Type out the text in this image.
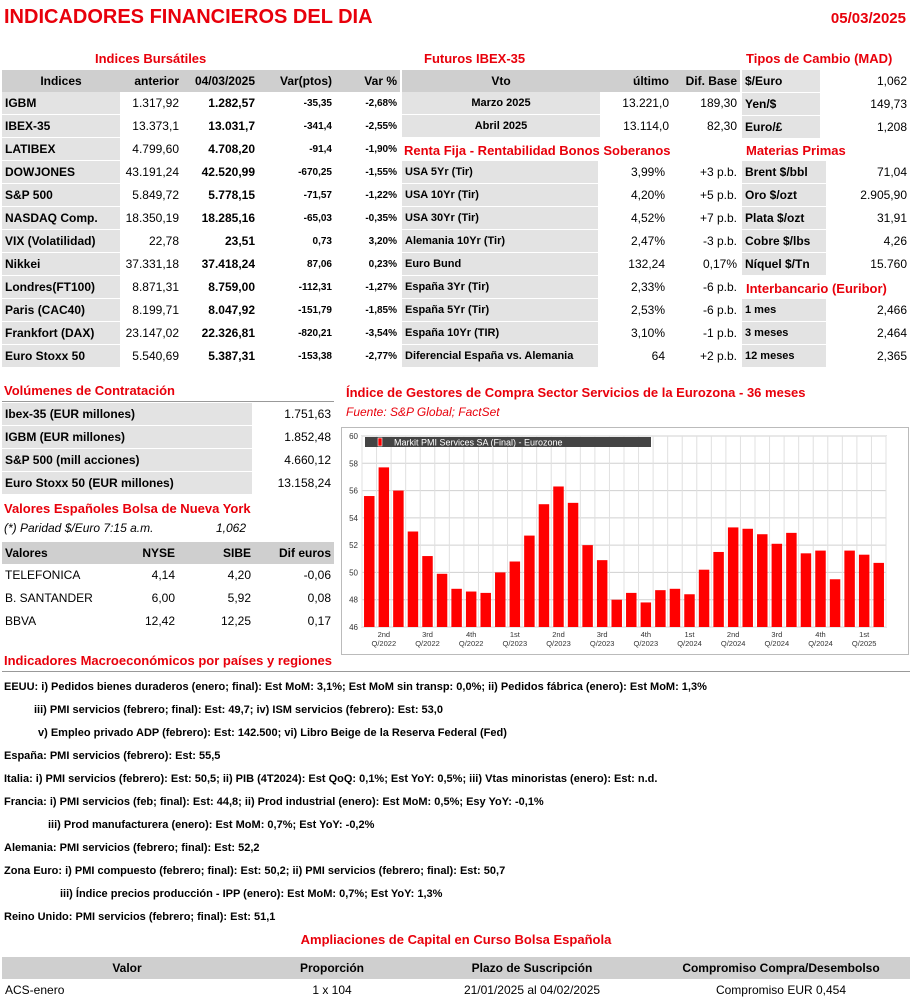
INDICADORES FINANCIEROS DEL DIA	05/03/2025
Indices Bursátiles	Futuros IBEX-35	Tipos de Cambio (MAD)
Indices	anterior	04/03/2025	Var(ptos)	Var %
IGBM	1.317,92	1.282,57	-35,35	-2,68%
IBEX-35	13.373,1	13.031,7	-341,4	-2,55%
LATIBEX	4.799,60	4.708,20	-91,4	-1,90%
DOWJONES	43.191,24	42.520,99	-670,25	-1,55%
S&P 500	5.849,72	5.778,15	-71,57	-1,22%
NASDAQ Comp.	18.350,19	18.285,16	-65,03	-0,35%
VIX (Volatilidad)	22,78	23,51	0,73	3,20%
Nikkei	37.331,18	37.418,24	87,06	0,23%
Londres(FT100)	8.871,31	8.759,00	-112,31	-1,27%
Paris (CAC40)	8.199,71	8.047,92	-151,79	-1,85%
Frankfort (DAX)	23.147,02	22.326,81	-820,21	-3,54%
Euro Stoxx 50	5.540,69	5.387,31	-153,38	-2,77%
Vto	último	Dif. Base
Marzo 2025	13.221,0	189,30
Abril 2025	13.114,0	82,30
Renta Fija - Rentabilidad Bonos Soberanos
USA 5Yr (Tir)	3,99%	+3 p.b.
USA 10Yr (Tir)	4,20%	+5 p.b.
USA 30Yr (Tir)	4,52%	+7 p.b.
Alemania 10Yr (Tir)	2,47%	-3 p.b.
Euro Bund	132,24	0,17%
España 3Yr (Tir)	2,33%	-6 p.b.
España 5Yr (Tir)	2,53%	-6 p.b.
España 10Yr (TIR)	3,10%	-1 p.b.
Diferencial España vs. Alemania	64	+2 p.b.
$/Euro	1,062
Yen/$	149,73
Euro/£	1,208
Materias Primas
Brent $/bbl	71,04
Oro $/ozt	2.905,90
Plata $/ozt	31,91
Cobre $/lbs	4,26
Níquel $/Tn	15.760
Interbancario (Euribor)
1 mes	2,466
3 meses	2,464
12 meses	2,365
Volúmenes de Contratación
Ibex-35 (EUR millones)	1.751,63
IGBM (EUR millones)	1.852,48
S&P 500 (mill acciones)	4.660,12
Euro Stoxx 50 (EUR millones)	13.158,24
Valores Españoles Bolsa de Nueva York
(*) Paridad $/Euro 7:15 a.m.	1,062
Valores	NYSE	SIBE	Dif euros
TELEFONICA	4,14	4,20	-0,06
B. SANTANDER	6,00	5,92	0,08
BBVA	12,42	12,25	0,17
Índice de Gestores de Compra Sector Servicios de la Eurozona - 36 meses
Fuente: S&P Global; FactSet
46
48
50
52
54
56
58
60
2nd
Q/2022
3rd
Q/2022
4th
Q/2022
1st
Q/2023
2nd
Q/2023
3rd
Q/2023
4th
Q/2023
1st
Q/2024
2nd
Q/2024
3rd
Q/2024
4th
Q/2024
1st
Q/2025
Markit PMI Services SA (Final) - Eurozone
Indicadores Macroeconómicos por países y regiones
EEUU: i) Pedidos bienes duraderos (enero; final): Est MoM: 3,1%; Est MoM sin transp: 0,0%; ii) Pedidos fábrica (enero): Est MoM: 1,3%
iii) PMI servicios (febrero; final): Est: 49,7; iv) ISM servicios (febrero): Est: 53,0
v) Empleo privado ADP (febrero): Est: 142.500; vi) Libro Beige de la Reserva Federal (Fed)
España: PMI servicios (febrero): Est: 55,5
Italia: i) PMI servicios (febrero): Est: 50,5; ii) PIB (4T2024): Est QoQ: 0,1%; Est YoY: 0,5%; iii) Vtas minoristas (enero): Est: n.d.
Francia: i) PMI servicios (feb; final): Est: 44,8; ii) Prod industrial (enero): Est MoM: 0,5%; Esy YoY: -0,1%
iii) Prod manufacturera (enero): Est MoM: 0,7%; Est YoY: -0,2%
Alemania: PMI servicios (febrero; final): Est: 52,2
Zona Euro: i) PMI compuesto (febrero; final): Est: 50,2; ii) PMI servicios (febrero; final): Est: 50,7
iii) Índice precios producción - IPP (enero): Est MoM: 0,7%; Est YoY: 1,3%
Reino Unido: PMI servicios (febrero; final): Est: 51,1
Ampliaciones de Capital en Curso Bolsa Española
Valor	Proporción	Plazo de Suscripción	Compromiso Compra/Desembolso
ACS-enero	1 x 104	21/01/2025 al 04/02/2025	Compromiso EUR 0,454
